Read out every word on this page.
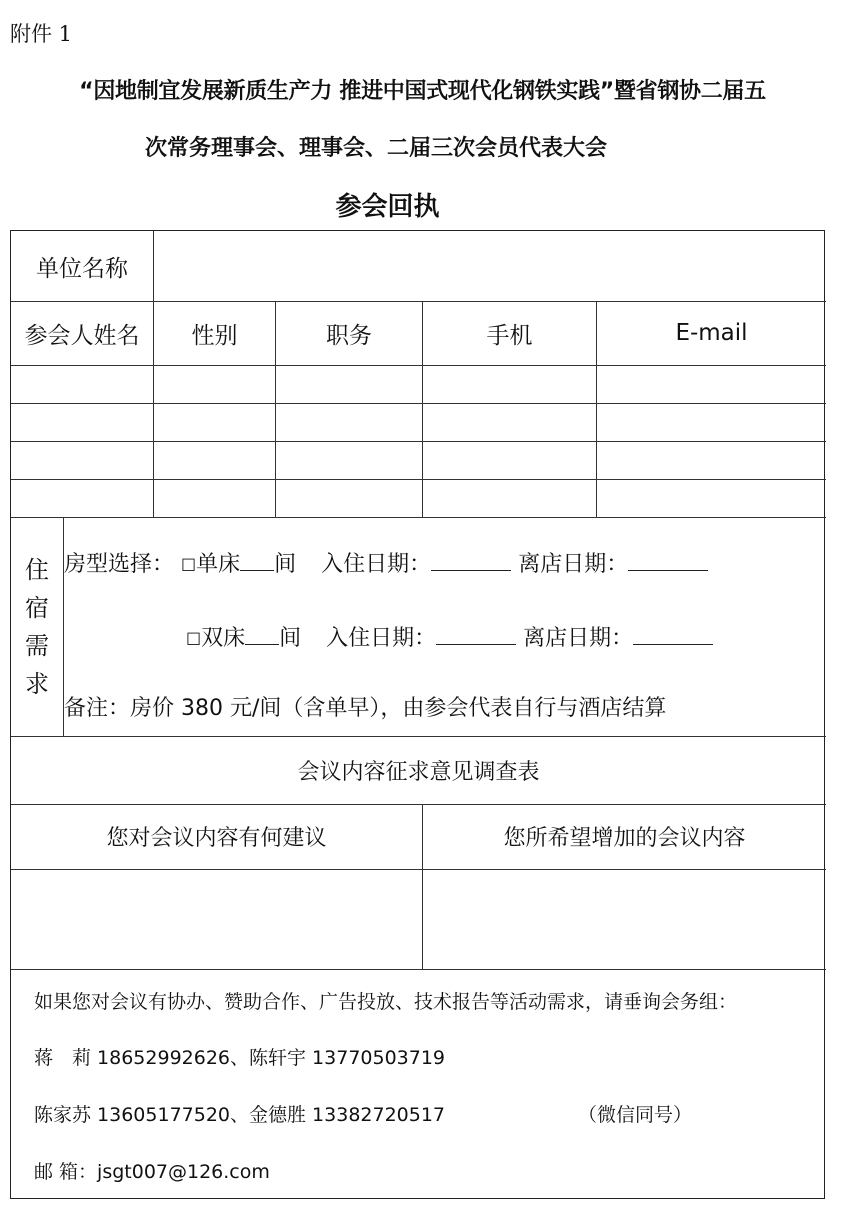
附件 1
“因地制宜发展新质生产力 推进中国式现代化钢铁实践”暨省钢协二届五
次常务理事会、理事会、二届三次会员代表大会
参会回执
单位名称
参会人姓名	性别	职务	手机	E-mail
住
宿
需
求
房型选择： □单床 间 入住日期：	离店日期：
□双床 间 入住日期：	离店日期：
备注：房价 380 元/间（含单早），由参会代表自行与酒店结算
会议内容征求意见调查表
您对会议内容有何建议	您所希望增加的会议内容
如果您对会议有协办、赞助合作、广告投放、技术报告等活动需求，请垂询会务组：
蒋　莉 18652992626、陈轩宇 13770503719
陈家苏 13605177520、金德胜 13382720517	（微信同号）
邮 箱：jsgt007@126.com
